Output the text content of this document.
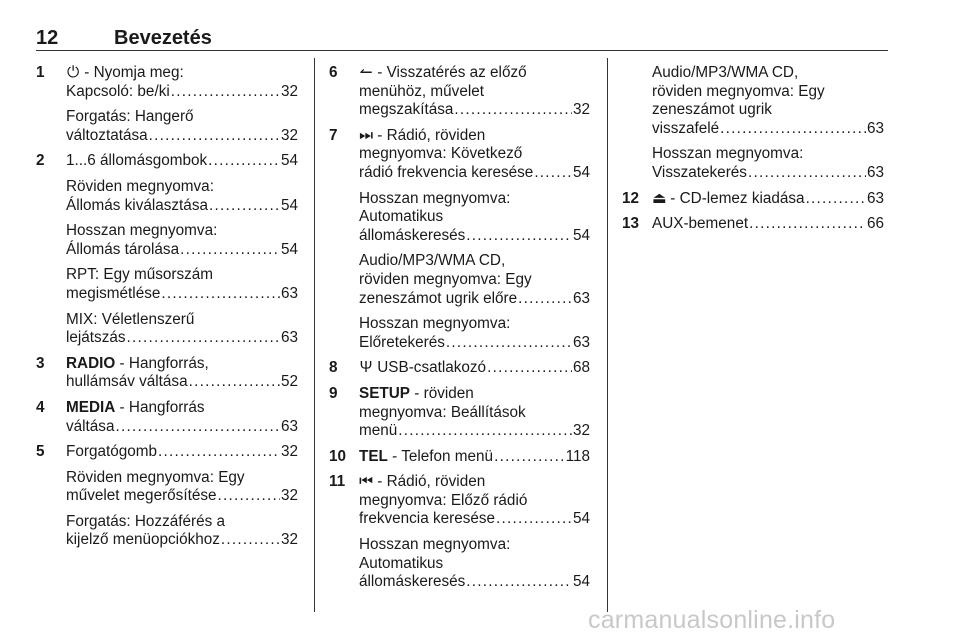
12	Bevezetés
1 ⏻ - Nyomja meg:
Kapcsoló: be/ki . . .	32
Forgatás: Hangerő
változtatása . . .	32
2 1...6 állomásgombok . . .	54
Röviden megnyomva:
Állomás kiválasztása . . .	54
Hosszan megnyomva:
Állomás tárolása . . .	54
RPT: Egy műsorszám
megismétlése . . .	63
MIX: Véletlenszerű
lejátszás . . .	63
3 RADIO - Hangforrás,
hullámsáv váltása . . .	52
4 MEDIA - Hangforrás
váltása . . .	63
5 Forgatógomb . . .	32
Röviden megnyomva: Egy
művelet megerősítése . . .	32
Forgatás: Hozzáférés a
kijelző menüopciókhoz . . .	32
6 ↼ - Visszatérés az előző
menühöz, művelet
megszakítása . . .	32
7 ⏭ - Rádió, röviden
megnyomva: Következő
rádió frekvencia keresése . . .	54
Hosszan megnyomva:
Automatikus
állomáskeresés . . .	54
Audio/MP3/WMA CD,
röviden megnyomva: Egy
zeneszámot ugrik előre . . .	63
Hosszan megnyomva:
Előretekerés . . .	63
8 Ψ USB-csatlakozó . . .	68
9 SETUP - röviden
megnyomva: Beállítások
menü . . .	32
10 TEL - Telefon menü . . .	118
11 ⏮ - Rádió, röviden
megnyomva: Előző rádió
frekvencia keresése . . .	54
Hosszan megnyomva:
Automatikus
állomáskeresés . . .	54
Audio/MP3/WMA CD,
röviden megnyomva: Egy
zeneszámot ugrik
visszafelé . . .	63
Hosszan megnyomva:
Visszatekerés . . .	63
12 ⏏ - CD-lemez kiadása . . .	63
13 AUX-bemenet . . .	66
carmanualsonline.info
